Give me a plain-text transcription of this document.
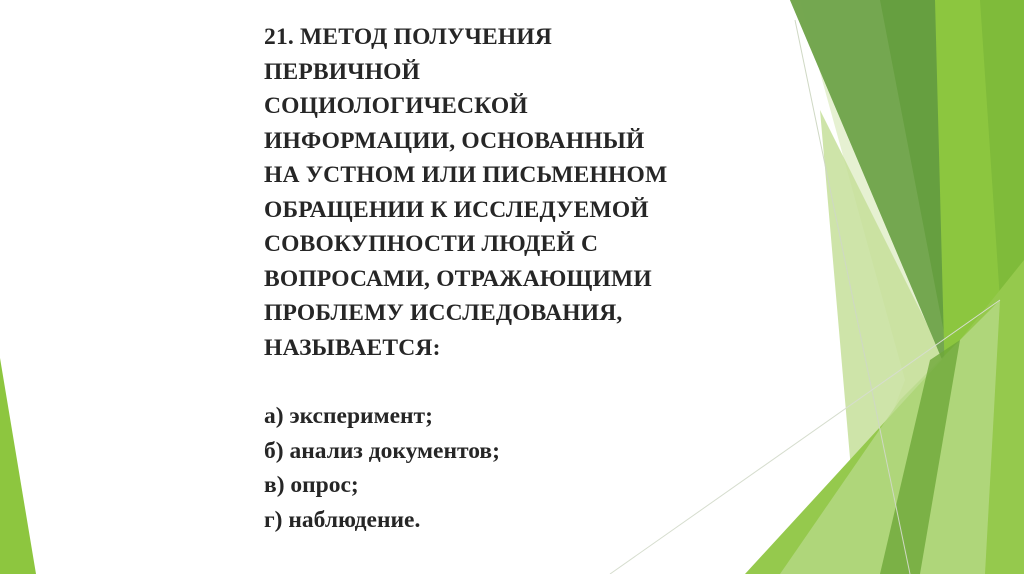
21. МЕТОД ПОЛУЧЕНИЯ
ПЕРВИЧНОЙ
СОЦИОЛОГИЧЕСКОЙ
ИНФОРМАЦИИ, ОСНОВАННЫЙ
НА УСТНОМ ИЛИ ПИСЬМЕННОМ
ОБРАЩЕНИИ К ИССЛЕДУЕМОЙ
СОВОКУПНОСТИ ЛЮДЕЙ С
ВОПРОСАМИ, ОТРАЖАЮЩИМИ
ПРОБЛЕМУ ИССЛЕДОВАНИЯ,
НАЗЫВАЕТСЯ:
а) эксперимент;
б) анализ документов;
в) опрос;
г) наблюдение.
